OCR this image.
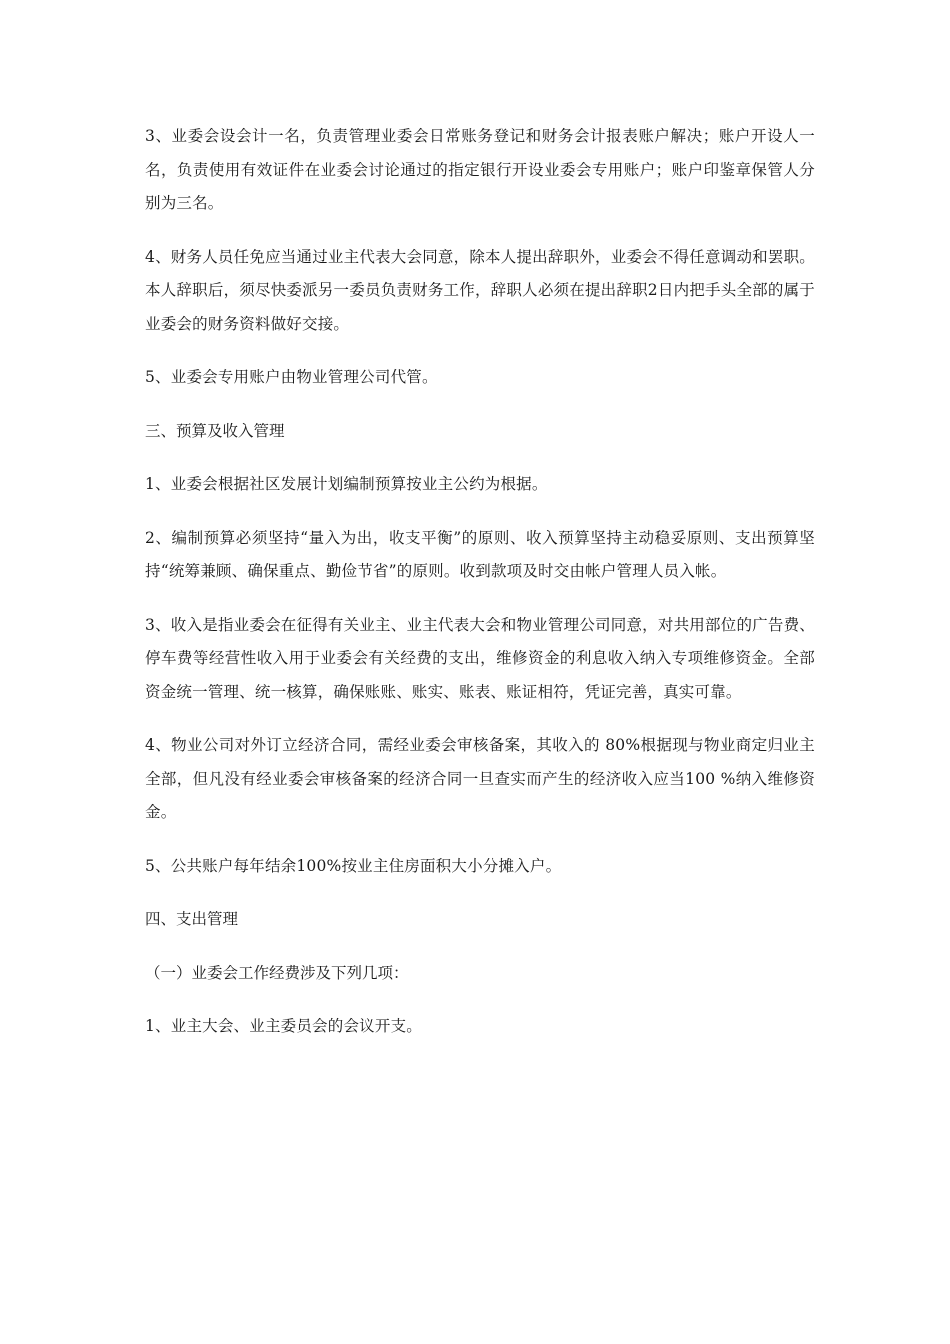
3、业委会设会计一名，负责管理业委会日常账务登记和财务会计报表账户解决；账户开设人一名，负责使用有效证件在业委会讨论通过的指定银行开设业委会专用账户；账户印鉴章保管人分别为三名。

4、财务人员任免应当通过业主代表大会同意，除本人提出辞职外，业委会不得任意调动和罢职。本人辞职后，须尽快委派另一委员负责财务工作，辞职人必须在提出辞职2日内把手头全部的属于业委会的财务资料做好交接。

5、业委会专用账户由物业管理公司代管。

三、预算及收入管理

1、业委会根据社区发展计划编制预算按业主公约为根据。

2、编制预算必须坚持“量入为出，收支平衡”的原则、收入预算坚持主动稳妥原则、支出预算坚持“统筹兼顾、确保重点、勤俭节省”的原则。收到款项及时交由帐户管理人员入帐。

3、收入是指业委会在征得有关业主、业主代表大会和物业管理公司同意，对共用部位的广告费、停车费等经营性收入用于业委会有关经费的支出，维修资金的利息收入纳入专项维修资金。全部资金统一管理、统一核算，确保账账、账实、账表、账证相符，凭证完善，真实可靠。

4、物业公司对外订立经济合同，需经业委会审核备案，其收入的 80%根据现与物业商定归业主全部，但凡没有经业委会审核备案的经济合同一旦查实而产生的经济收入应当100 %纳入维修资金。

5、公共账户每年结余100%按业主住房面积大小分摊入户。

四、支出管理

（一）业委会工作经费涉及下列几项：

1、业主大会、业主委员会的会议开支。
